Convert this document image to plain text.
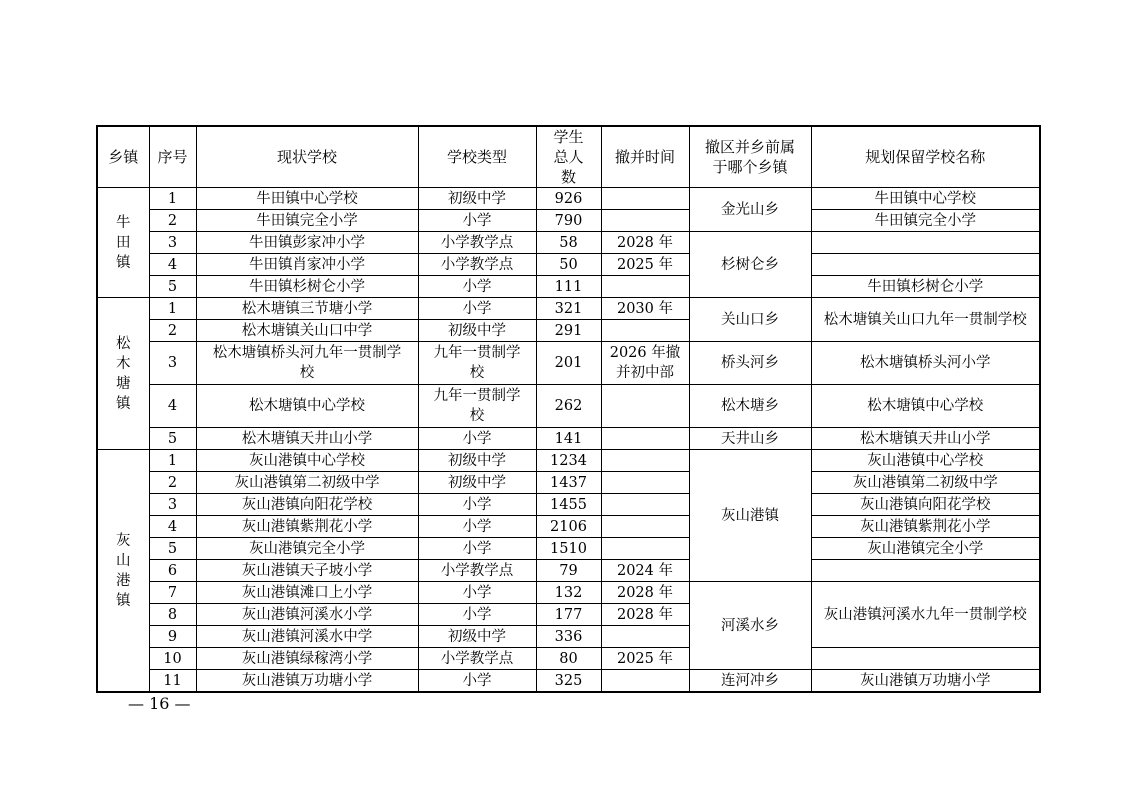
乡镇	序号	现状学校	学校类型	学生总人数	撤并时间	撤区并乡前属于哪个乡镇	规划保留学校名称

牛田镇	1	牛田镇中心学校	初级中学	926		金光山乡	牛田镇中心学校
	2	牛田镇完全小学	小学	790			牛田镇完全小学
	3	牛田镇彭家冲小学	小学教学点	58	2028 年	杉树仑乡	
	4	牛田镇肖家冲小学	小学教学点	50	2025 年		
	5	牛田镇杉树仑小学	小学	111			牛田镇杉树仑小学

松木塘镇	1	松木塘镇三节塘小学	小学	321	2030 年	关山口乡	松木塘镇关山口九年一贯制学校
	2	松木塘镇关山口中学	初级中学	291			
	3	松木塘镇桥头河九年一贯制学校	九年一贯制学校	201	2026 年撤并初中部	桥头河乡	松木塘镇桥头河小学
	4	松木塘镇中心学校	九年一贯制学校	262		松木塘乡	松木塘镇中心学校
	5	松木塘镇天井山小学	小学	141		天井山乡	松木塘镇天井山小学

灰山港镇	1	灰山港镇中心学校	初级中学	1234		灰山港镇	灰山港镇中心学校
	2	灰山港镇第二初级中学	初级中学	1437			灰山港镇第二初级中学
	3	灰山港镇向阳花学校	小学	1455			灰山港镇向阳花学校
	4	灰山港镇紫荆花小学	小学	2106			灰山港镇紫荆花小学
	5	灰山港镇完全小学	小学	1510			灰山港镇完全小学
	6	灰山港镇天子坡小学	小学教学点	79	2024 年		
	7	灰山港镇滩口上小学	小学	132	2028 年	河溪水乡	灰山港镇河溪水九年一贯制学校
	8	灰山港镇河溪水小学	小学	177	2028 年		
	9	灰山港镇河溪水中学	初级中学	336			
	10	灰山港镇绿稼湾小学	小学教学点	80	2025 年		
	11	灰山港镇万功塘小学	小学	325		连河冲乡	灰山港镇万功塘小学
— 16 —
